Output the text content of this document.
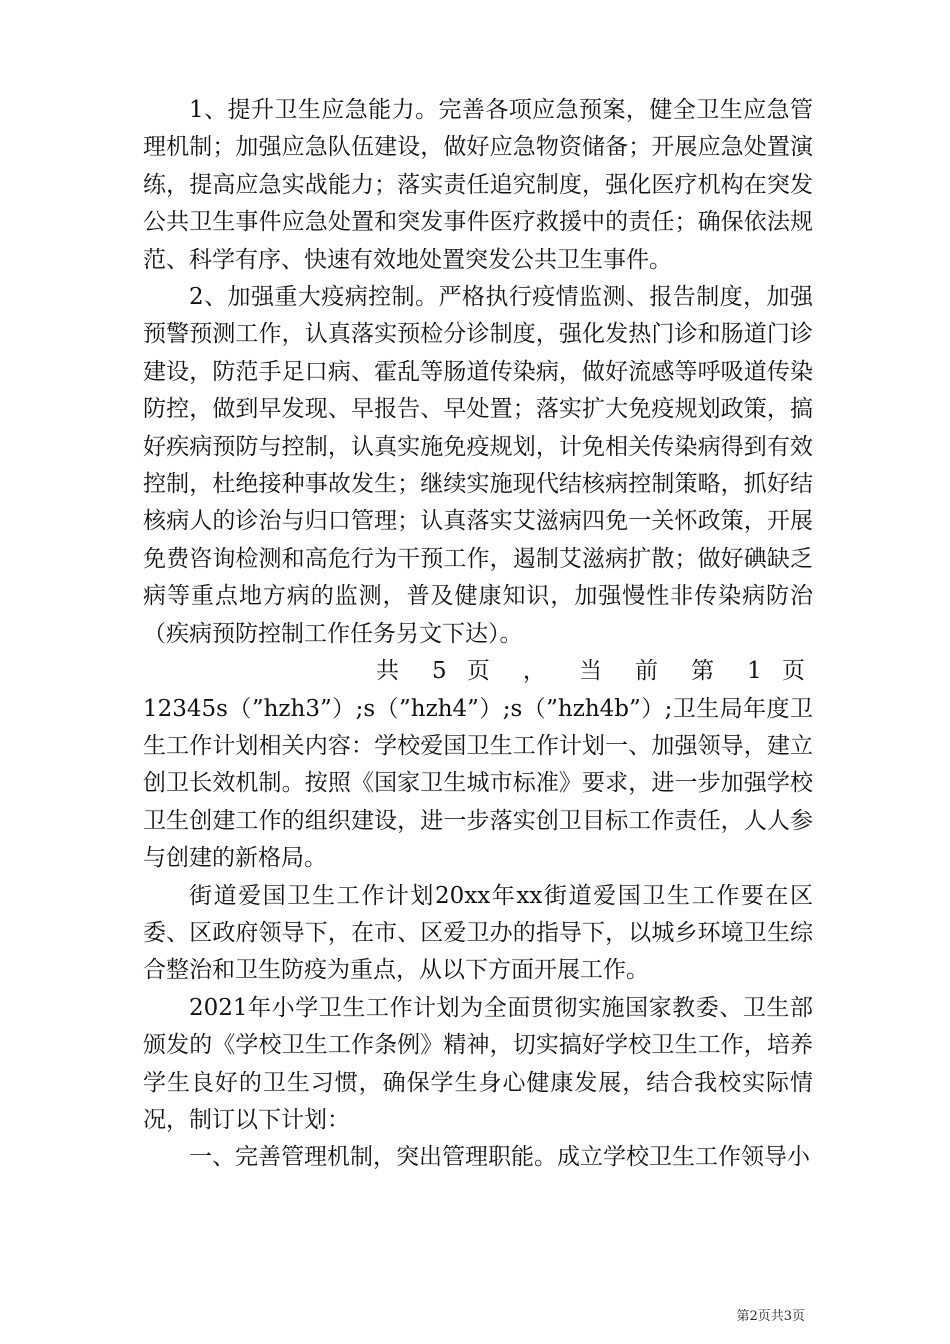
1、提升卫生应急能力。完善各项应急预案，健全卫生应急管理机制；加强应急队伍建设，做好应急物资储备；开展应急处置演练，提高应急实战能力；落实责任追究制度，强化医疗机构在突发公共卫生事件应急处置和突发事件医疗救援中的责任；确保依法规范、科学有序、快速有效地处置突发公共卫生事件。

2、加强重大疫病控制。严格执行疫情监测、报告制度，加强预警预测工作，认真落实预检分诊制度，强化发热门诊和肠道门诊建设，防范手足口病、霍乱等肠道传染病，做好流感等呼吸道传染防控，做到早发现、早报告、早处置；落实扩大免疫规划政策，搞好疾病预防与控制，认真实施免疫规划，计免相关传染病得到有效控制，杜绝接种事故发生；继续实施现代结核病控制策略，抓好结核病人的诊治与归口管理；认真落实艾滋病四免一关怀政策，开展免费咨询检测和高危行为干预工作，遏制艾滋病扩散；做好碘缺乏病等重点地方病的监测，普及健康知识，加强慢性非传染病防治（疾病预防控制工作任务另文下达）。

共 5 页 ， 当 前 第 1 页

12345s（”hzh3”）;s（”hzh4”）;s（”hzh4b”）;卫生局年度卫生工作计划相关内容：学校爱国卫生工作计划一、加强领导，建立创卫长效机制。按照《国家卫生城市标准》要求，进一步加强学校卫生创建工作的组织建设，进一步落实创卫目标工作责任，人人参与创建的新格局。

街道爱国卫生工作计划20xx年xx街道爱国卫生工作要在区委、区政府领导下，在市、区爱卫办的指导下，以城乡环境卫生综合整治和卫生防疫为重点，从以下方面开展工作。

2021年小学卫生工作计划为全面贯彻实施国家教委、卫生部颁发的《学校卫生工作条例》精神，切实搞好学校卫生工作，培养学生良好的卫生习惯，确保学生身心健康发展，结合我校实际情况，制订以下计划：

一、完善管理机制，突出管理职能。成立学校卫生工作领导小

第2页共3页
